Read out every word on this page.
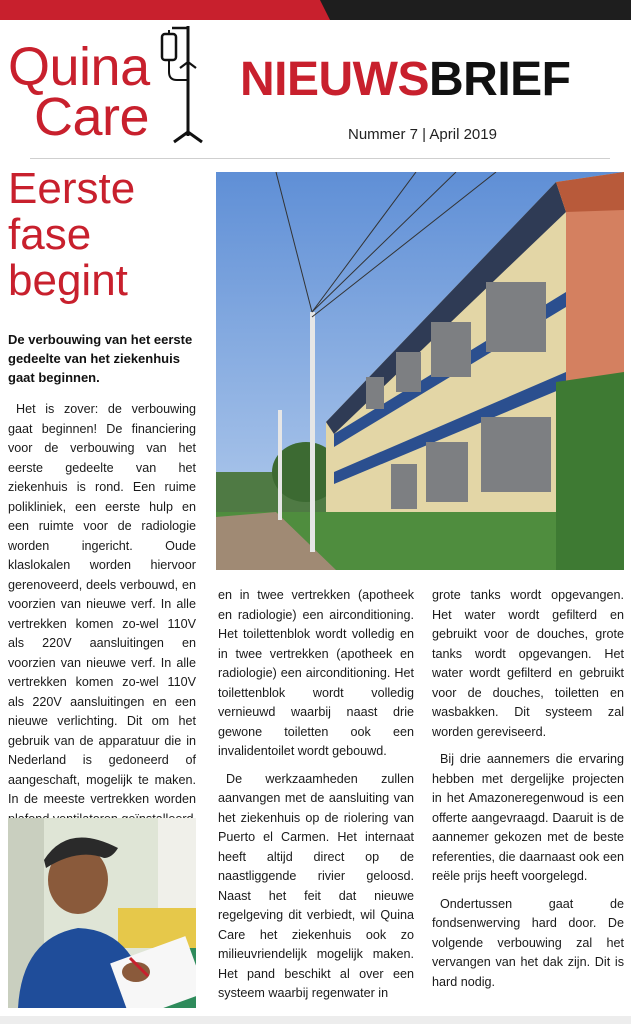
Quina
Care
NIEUWSBRIEF
Nummer 7 | April 2019
Eerste fase begint
De verbouwing van het eerste gedeelte van het ziekenhuis gaat beginnen.

Het is zover: de verbouwing gaat beginnen! De financiering voor de verbouwing van het eerste gedeelte van het ziekenhuis is rond. Een ruime polikliniek, een eerste hulp en een ruimte voor de radiologie worden ingericht. Oude klaslokalen worden hiervoor gerenoveerd, deels verbouwd, en voorzien van nieuwe verf. In alle vertrekken komen zo-wel 110V als 220V aansluitingen en voorzien van nieuwe verf. In alle vertrekken komen zo-wel 110V als 220V aansluitingen en een nieuwe verlichting. Dit om het gebruik van de apparatuur die in Nederland is gedoneerd of aangeschaft, mogelijk te maken. In de meeste vertrekken worden

en in twee vertrekken (apotheek en radiologie) een airconditioning. Het toilettenblok wordt volledig en in twee vertrekken (apotheek en radiologie) een airconditioning. Het toilettenblok wordt volledig vernieuwd waarbij naast drie gewone toiletten ook een invalidentoilet wordt gebouwd.

De werkzaamheden zullen aanvangen met de aansluiting van het ziekenhuis op de riolering van Puerto el Carmen. Het internaat heeft altijd direct op de naastliggende rivier geloosd. Naast het feit dat nieuwe regelgeving dit verbiedt, wil Quina Care het ziekenhuis ook zo milieuvriendelijk mogelijk maken. Het pand beschikt al over een systeem waarbij regenwater in

grote tanks wordt opgevangen. Het water wordt gefilterd en gebruikt voor de douches, grote tanks wordt opgevangen. Het water wordt gefilterd en gebruikt voor de douches, toiletten en wasbakken. Dit systeem zal worden gereviseerd.

Bij drie aannemers die ervaring hebben met dergelijke projecten in het Amazoneregenwoud is een offerte aangevraagd. Daaruit is de aannemer gekozen met de beste referenties, die daarnaast ook een reële prijs heeft voorgelegd.

Ondertussen gaat de fondsenwerving hard door. De volgende verbouwing zal het vervangen van het dak zijn. Dit is hard nodig.
